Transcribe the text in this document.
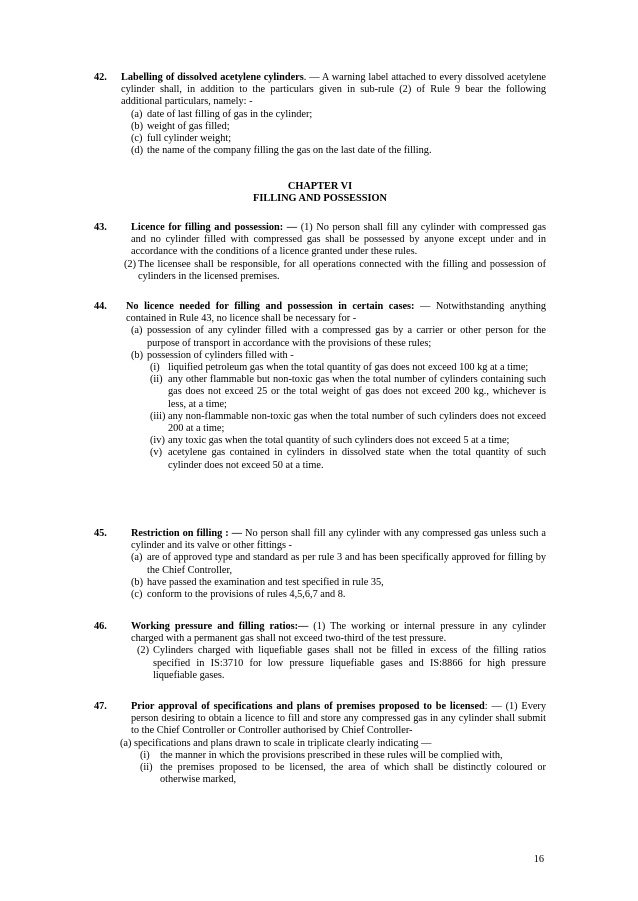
42. Labelling of dissolved acetylene cylinders. — A warning label attached to every dissolved acetylene cylinder shall, in addition to the particulars given in sub-rule (2) of Rule 9 bear the following additional particulars, namely: -
(a) date of last filling of gas in the cylinder;
(b) weight of gas filled;
(c) full cylinder weight;
(d) the name of the company filling the gas on the last date of the filling.
CHAPTER VI
FILLING AND POSSESSION
43. Licence for filling and possession: — (1) No person shall fill any cylinder with compressed gas and no cylinder filled with compressed gas shall be possessed by anyone except under and in accordance with the conditions of a licence granted under these rules.
(2) The licensee shall be responsible, for all operations connected with the filling and possession of cylinders in the licensed premises.
44. No licence needed for filling and possession in certain cases: — Notwithstanding anything contained in Rule 43, no licence shall be necessary for -
(a) possession of any cylinder filled with a compressed gas by a carrier or other person for the purpose of transport in accordance with the provisions of these rules;
(b) possession of cylinders filled with -
(i) liquified petroleum gas when the total quantity of gas does not exceed 100 kg at a time;
(ii) any other flammable but non-toxic gas when the total number of cylinders containing such gas does not exceed 25 or the total weight of gas does not exceed 200 kg., whichever is less, at a time;
(iii) any non-flammable non-toxic gas when the total number of such cylinders does not exceed 200 at a time;
(iv) any toxic gas when the total quantity of such cylinders does not exceed 5 at a time;
(v) acetylene gas contained in cylinders in dissolved state when the total quantity of such cylinder does not exceed 50 at a time.
45. Restriction on filling : — No person shall fill any cylinder with any compressed gas unless such a cylinder and its valve or other fittings -
(a) are of approved type and standard as per rule 3 and has been specifically approved for filling by the Chief Controller,
(b) have passed the examination and test specified in rule 35,
(c) conform to the provisions of rules 4,5,6,7 and 8.
46. Working pressure and filling ratios:— (1) The working or internal pressure in any cylinder charged with a permanent gas shall not exceed two-third of the test pressure.
(2) Cylinders charged with liquefiable gases shall not be filled in excess of the filling ratios specified in IS:3710 for low pressure liquefiable gases and IS:8866 for high pressure liquefiable gases.
47. Prior approval of specifications and plans of premises proposed to be licensed: — (1) Every person desiring to obtain a licence to fill and store any compressed gas in any cylinder shall submit to the Chief Controller or Controller authorised by Chief Controller-
(a) specifications and plans drawn to scale in triplicate clearly indicating —
(i) the manner in which the provisions prescribed in these rules will be complied with,
(ii) the premises proposed to be licensed, the area of which shall be distinctly coloured or otherwise marked,
16
